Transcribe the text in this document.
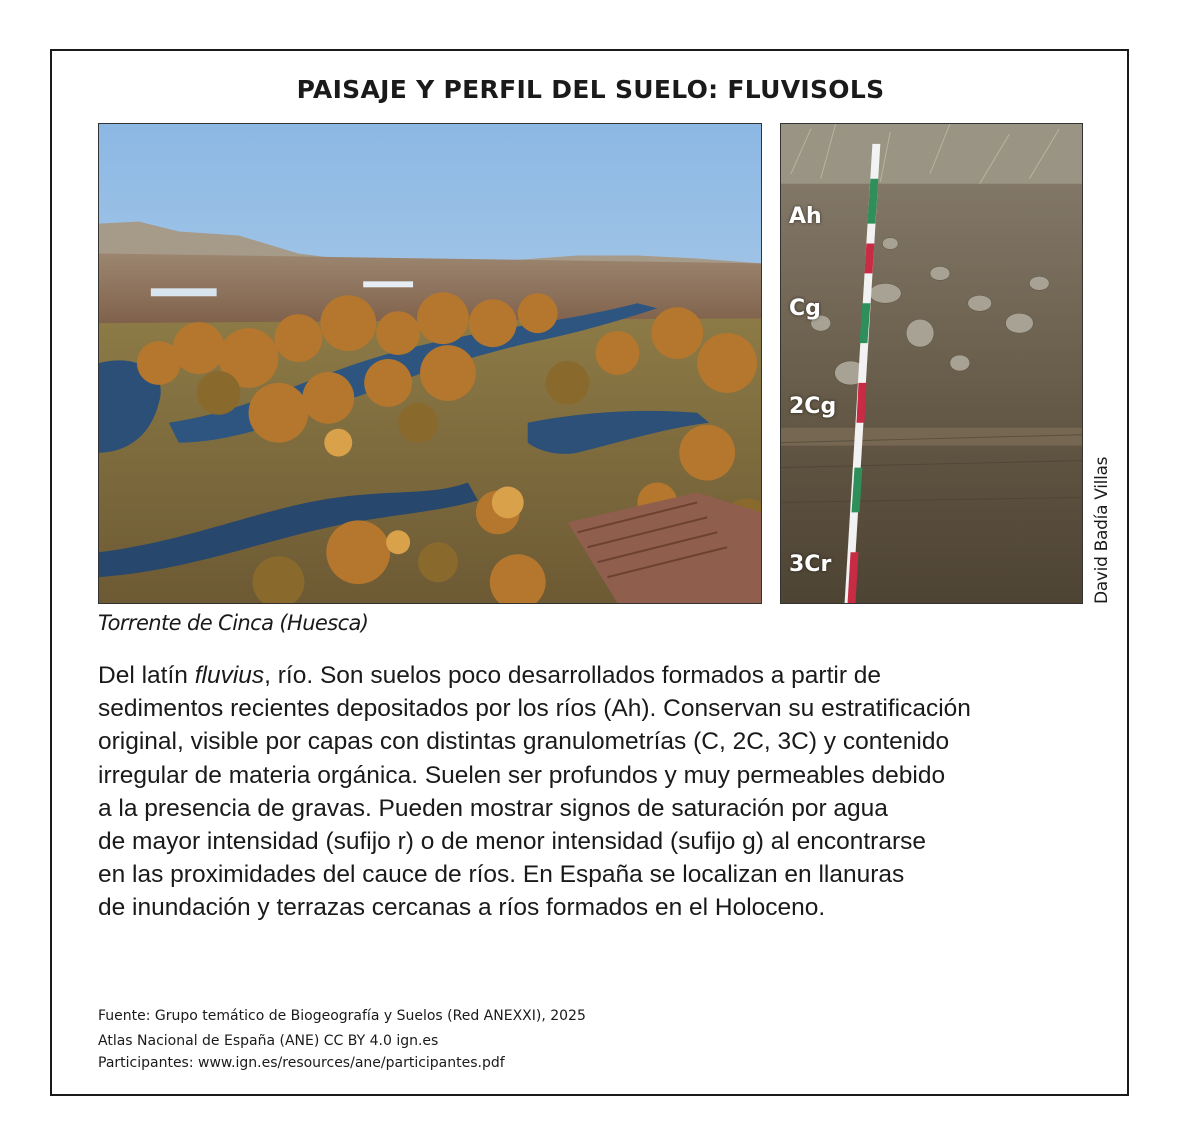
PAISAJE Y PERFIL DEL SUELO: FLUVISOLS
Ah
Cg
2Cg
3Cr	David Badía Villas
Torrente de Cinca (Huesca)
Del latín fluvius, río. Son suelos poco desarrollados formados a partir de
sedimentos recientes depositados por los ríos (Ah). Conservan su estratificación
original, visible por capas con distintas granulometrías (C, 2C, 3C) y contenido
irregular de materia orgánica. Suelen ser profundos y muy permeables debido
a la presencia de gravas. Pueden mostrar signos de saturación por agua
de mayor intensidad (sufijo r) o de menor intensidad (sufijo g) al encontrarse
en las proximidades del cauce de ríos. En España se localizan en llanuras
de inundación y terrazas cercanas a ríos formados en el Holoceno.
Fuente: Grupo temático de Biogeografía y Suelos (Red ANEXXI), 2025
Atlas Nacional de España (ANE) CC BY 4.0 ign.es
Participantes: www.ign.es/resources/ane/participantes.pdf
